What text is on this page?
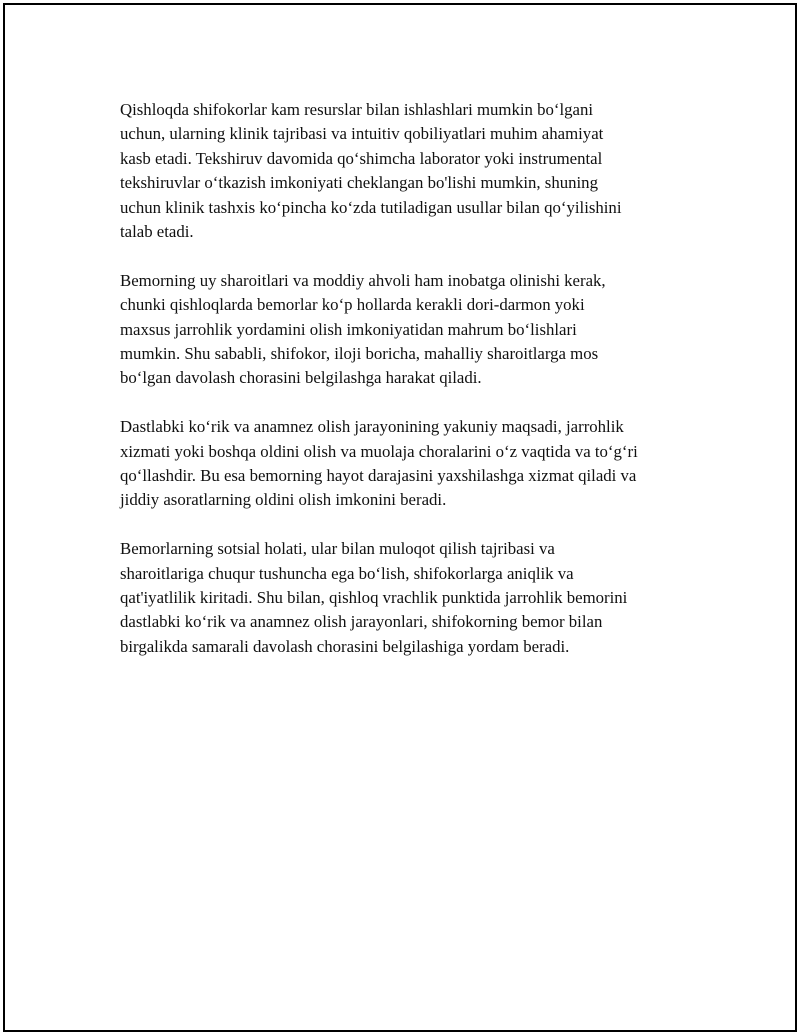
Qishloqda shifokorlar kam resurslar bilan ishlashlari mumkin bo‘lgani
uchun, ularning klinik tajribasi va intuitiv qobiliyatlari muhim ahamiyat
kasb etadi. Tekshiruv davomida qo‘shimcha laborator yoki instrumental
tekshiruvlar o‘tkazish imkoniyati cheklangan bo'lishi mumkin, shuning
uchun klinik tashxis ko‘pincha ko‘zda tutiladigan usullar bilan qo‘yilishini
talab etadi.

Bemorning uy sharoitlari va moddiy ahvoli ham inobatga olinishi kerak,
chunki qishloqlarda bemorlar ko‘p hollarda kerakli dori-darmon yoki
maxsus jarrohlik yordamini olish imkoniyatidan mahrum bo‘lishlari
mumkin. Shu sababli, shifokor, iloji boricha, mahalliy sharoitlarga mos
bo‘lgan davolash chorasini belgilashga harakat qiladi.

Dastlabki ko‘rik va anamnez olish jarayonining yakuniy maqsadi, jarrohlik
xizmati yoki boshqa oldini olish va muolaja choralarini o‘z vaqtida va to‘g‘ri
qo‘llashdir. Bu esa bemorning hayot darajasini yaxshilashga xizmat qiladi va
jiddiy asoratlarning oldini olish imkonini beradi.

Bemorlarning sotsial holati, ular bilan muloqot qilish tajribasi va
sharoitlariga chuqur tushuncha ega bo‘lish, shifokorlarga aniqlik va
qat'iyatlilik kiritadi. Shu bilan, qishloq vrachlik punktida jarrohlik bemorini
dastlabki ko‘rik va anamnez olish jarayonlari, shifokorning bemor bilan
birgalikda samarali davolash chorasini belgilashiga yordam beradi.
